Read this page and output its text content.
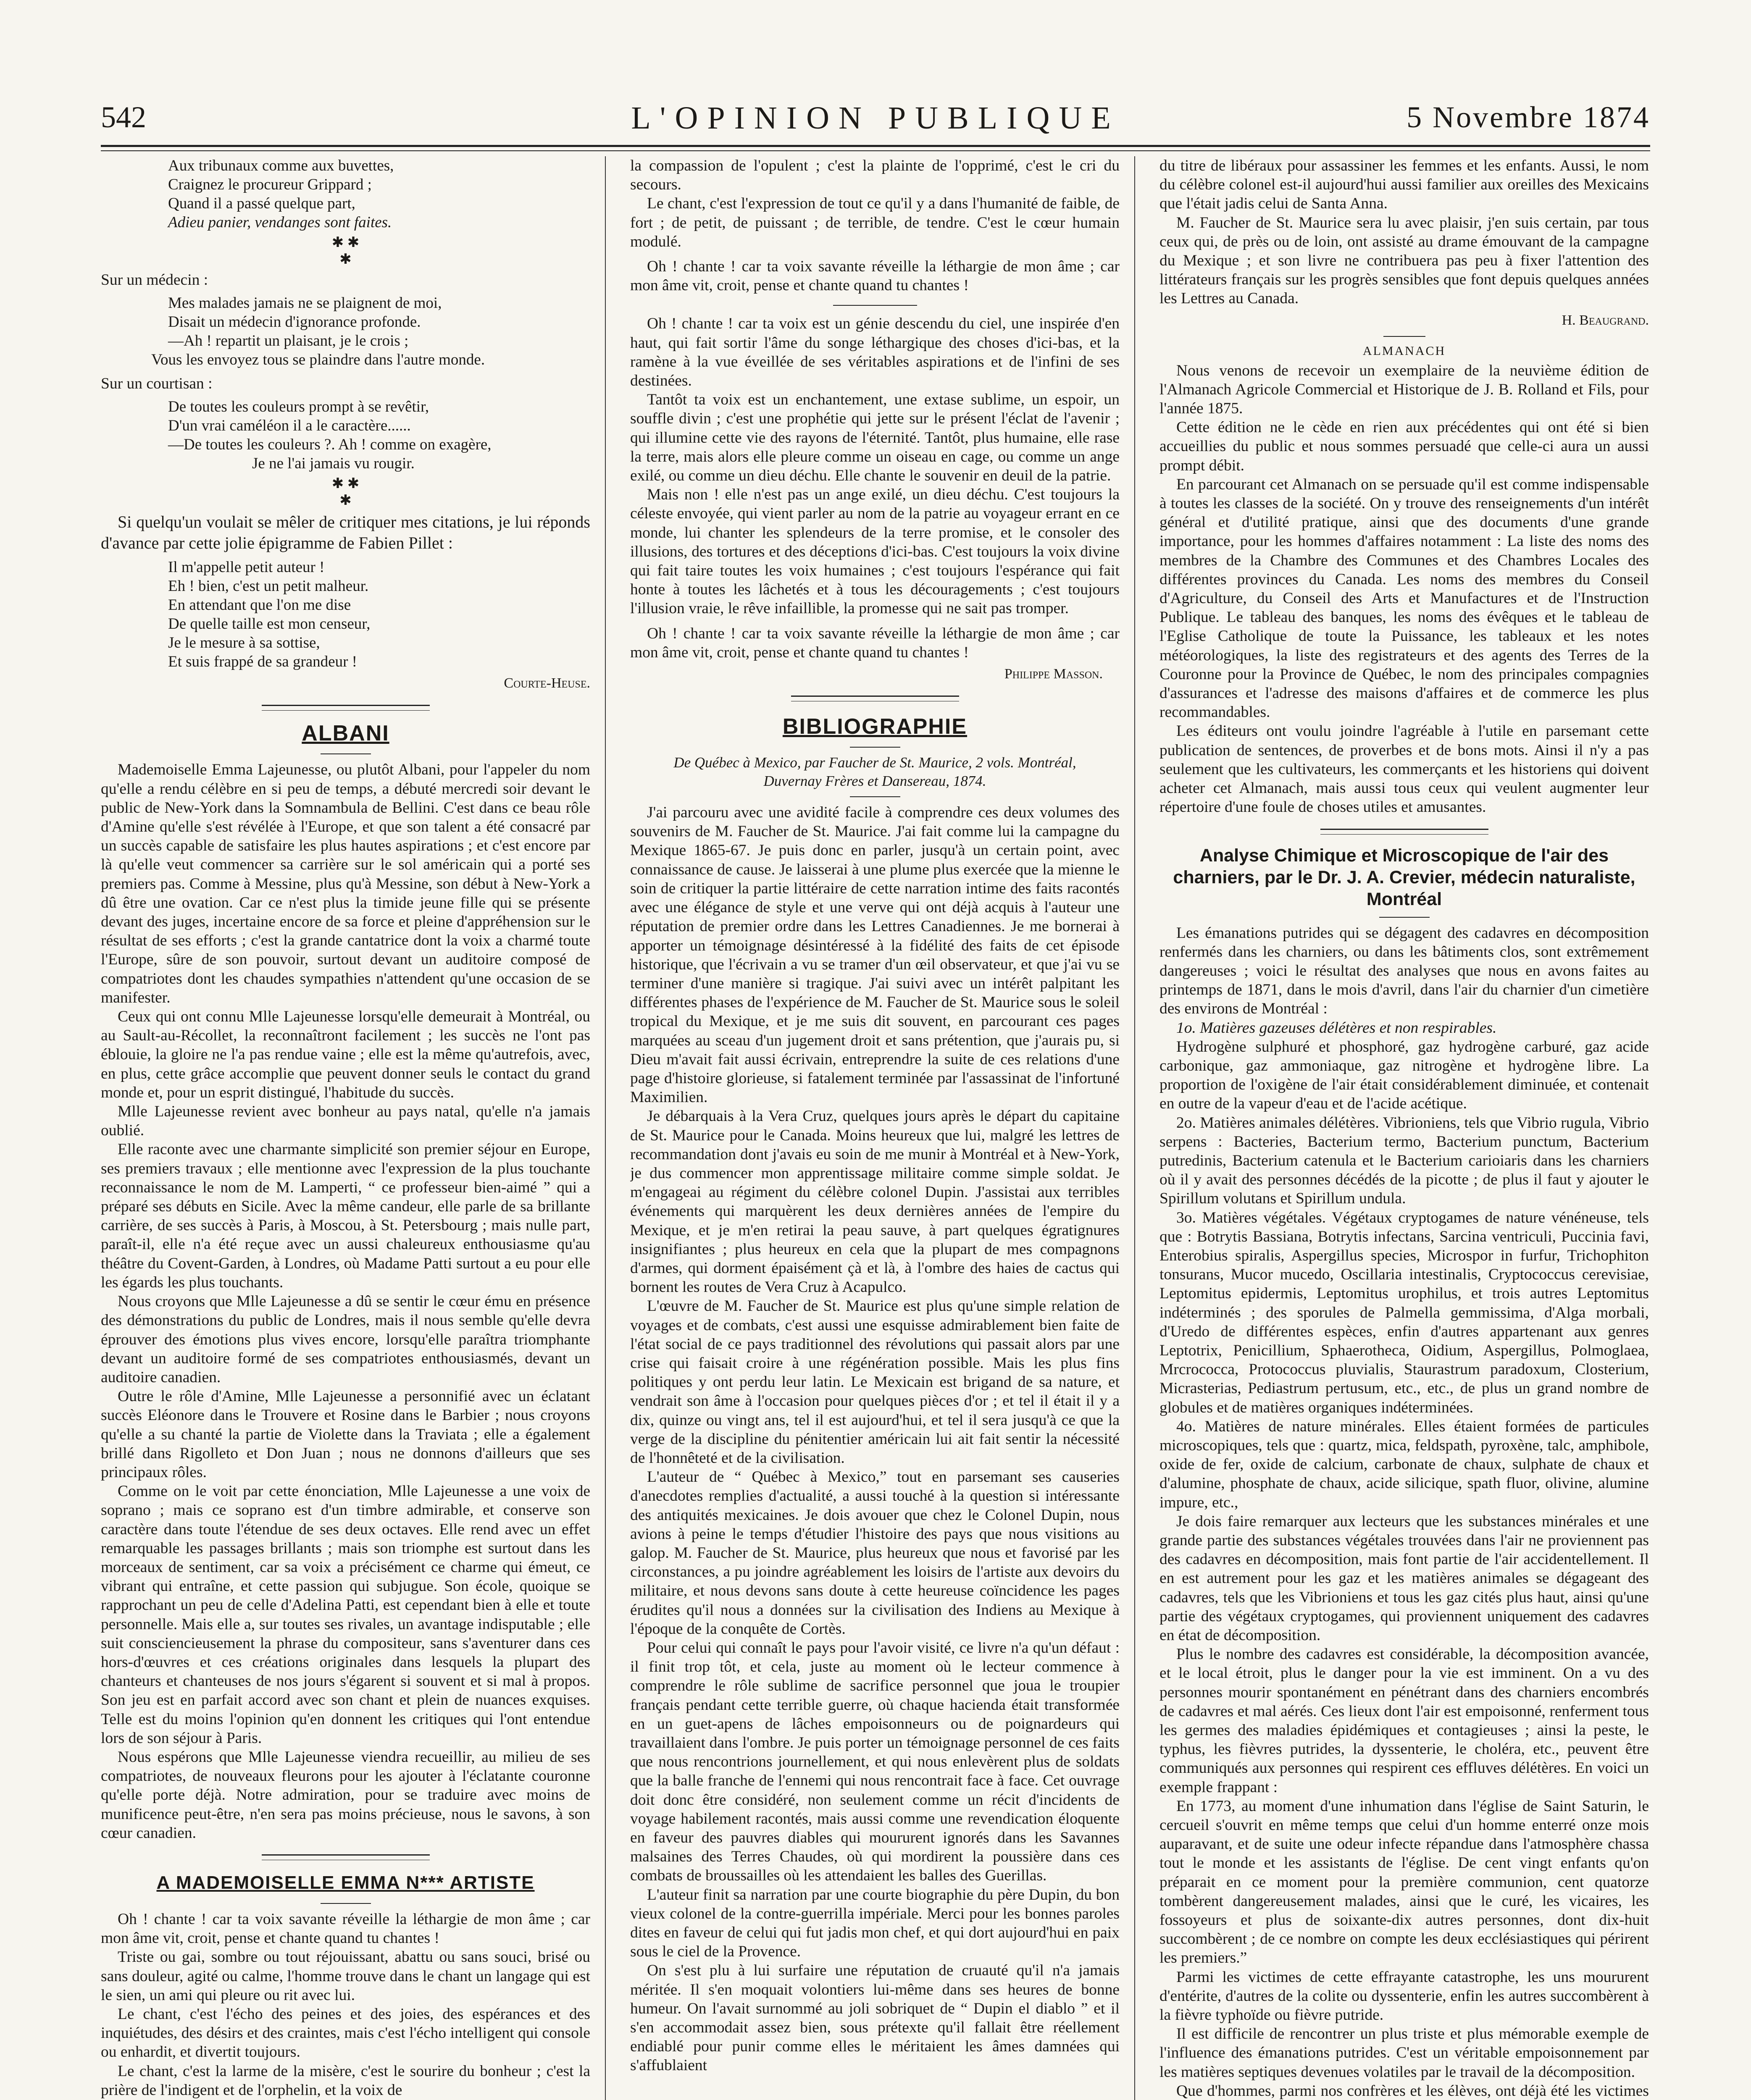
542	L'OPINION PUBLIQUE	5 Novembre 1874
Aux tribunaux comme aux buvettes,
Craignez le procureur Grippard ;
Quand il a passé quelque part,
Adieu panier, vendanges sont faites.
✱ ✱
✱
Sur un médecin :
Mes malades jamais ne se plaignent de moi,
Disait un médecin d'ignorance profonde.
—Ah ! repartit un plaisant, je le crois ;
Vous les envoyez tous se plaindre dans l'autre monde.
Sur un courtisan :
De toutes les couleurs prompt à se revêtir,
D'un vrai caméléon il a le caractère......
—De toutes les couleurs ?. Ah ! comme on exagère,
Je ne l'ai jamais vu rougir.
✱ ✱
✱

Si quelqu'un voulait se mêler de critiquer mes citations, je lui réponds d'avance par cette jolie épigramme de Fabien Pillet :

Il m'appelle petit auteur !
Eh ! bien, c'est un petit malheur.
En attendant que l'on me dise
De quelle taille est mon censeur,
Je le mesure à sa sottise,
Et suis frappé de sa grandeur !
Courte-Heuse.
ALBANI

Mademoiselle Emma Lajeunesse, ou plutôt Albani, pour l'appeler du nom qu'elle a rendu célèbre en si peu de temps, a débuté mercredi soir devant le public de New-York dans la Somnambula de Bellini. C'est dans ce beau rôle d'Amine qu'elle s'est révélée à l'Europe, et que son talent a été consacré par un succès capable de satisfaire les plus hautes aspirations ; et c'est encore par là qu'elle veut commencer sa carrière sur le sol américain qui a porté ses premiers pas. Comme à Messine, plus qu'à Messine, son début à New-York a dû être une ovation. Car ce n'est plus la timide jeune fille qui se présente devant des juges, incertaine encore de sa force et pleine d'appréhension sur le résultat de ses efforts ; c'est la grande cantatrice dont la voix a charmé toute l'Europe, sûre de son pouvoir, surtout devant un auditoire composé de compatriotes dont les chaudes sympathies n'attendent qu'une occasion de se manifester.

Ceux qui ont connu Mlle Lajeunesse lorsqu'elle demeurait à Montréal, ou au Sault-au-Récollet, la reconnaîtront facilement ; les succès ne l'ont pas éblouie, la gloire ne l'a pas rendue vaine ; elle est la même qu'autrefois, avec, en plus, cette grâce accomplie que peuvent donner seuls le contact du grand monde et, pour un esprit distingué, l'habitude du succès.

Mlle Lajeunesse revient avec bonheur au pays natal, qu'elle n'a jamais oublié.

Elle raconte avec une charmante simplicité son premier séjour en Europe, ses premiers travaux ; elle mentionne avec l'expression de la plus touchante reconnaissance le nom de M. Lamperti, “ ce professeur bien-aimé ” qui a préparé ses débuts en Sicile. Avec la même candeur, elle parle de sa brillante carrière, de ses succès à Paris, à Moscou, à St. Petersbourg ; mais nulle part, paraît-il, elle n'a été reçue avec un aussi chaleureux enthousiasme qu'au théâtre du Covent-Garden, à Londres, où Madame Patti surtout a eu pour elle les égards les plus touchants.

Nous croyons que Mlle Lajeunesse a dû se sentir le cœur ému en présence des démonstrations du public de Londres, mais il nous semble qu'elle devra éprouver des émotions plus vives encore, lorsqu'elle paraîtra triomphante devant un auditoire formé de ses compatriotes enthousiasmés, devant un auditoire canadien.

Outre le rôle d'Amine, Mlle Lajeunesse a personnifié avec un éclatant succès Eléonore dans le Trouvere et Rosine dans le Barbier ; nous croyons qu'elle a su chanté la partie de Violette dans la Traviata ; elle a également brillé dans Rigolleto et Don Juan ; nous ne donnons d'ailleurs que ses principaux rôles.

Comme on le voit par cette énonciation, Mlle Lajeunesse a une voix de soprano ; mais ce soprano est d'un timbre admirable, et conserve son caractère dans toute l'étendue de ses deux octaves. Elle rend avec un effet remarquable les passages brillants ; mais son triomphe est surtout dans les morceaux de sentiment, car sa voix a précisément ce charme qui émeut, ce vibrant qui entraîne, et cette passion qui subjugue. Son école, quoique se rapprochant un peu de celle d'Adelina Patti, est cependant bien à elle et toute personnelle. Mais elle a, sur toutes ses rivales, un avantage indisputable ; elle suit consciencieusement la phrase du compositeur, sans s'aventurer dans ces hors-d'œuvres et ces créations originales dans lesquels la plupart des chanteurs et chanteuses de nos jours s'égarent si souvent et si mal à propos. Son jeu est en parfait accord avec son chant et plein de nuances exquises. Telle est du moins l'opinion qu'en donnent les critiques qui l'ont entendue lors de son séjour à Paris.

Nous espérons que Mlle Lajeunesse viendra recueillir, au milieu de ses compatriotes, de nouveaux fleurons pour les ajouter à l'éclatante couronne qu'elle porte déjà. Notre admiration, pour se traduire avec moins de munificence peut-être, n'en sera pas moins précieuse, nous le savons, à son cœur canadien.

A MADEMOISELLE EMMA N*** ARTISTE

Oh ! chante ! car ta voix savante réveille la léthargie de mon âme ; car mon âme vit, croit, pense et chante quand tu chantes !

Triste ou gai, sombre ou tout réjouissant, abattu ou sans souci, brisé ou sans douleur, agité ou calme, l'homme trouve dans le chant un langage qui est le sien, un ami qui pleure ou rit avec lui.

Le chant, c'est l'écho des peines et des joies, des espérances et des inquiétudes, des désirs et des craintes, mais c'est l'écho intelligent qui console ou enhardit, et divertit toujours.

Le chant, c'est la larme de la misère, c'est le sourire du bonheur ; c'est la prière de l'indigent et de l'orphelin, et la voix de

la compassion de l'opulent ; c'est la plainte de l'opprimé, c'est le cri du secours.

Le chant, c'est l'expression de tout ce qu'il y a dans l'humanité de faible, de fort ; de petit, de puissant ; de terrible, de tendre. C'est le cœur humain modulé.

Oh ! chante ! car ta voix savante réveille la léthargie de mon âme ; car mon âme vit, croit, pense et chante quand tu chantes !

Oh ! chante ! car ta voix est un génie descendu du ciel, une inspirée d'en haut, qui fait sortir l'âme du songe léthargique des choses d'ici-bas, et la ramène à la vue éveillée de ses véritables aspirations et de l'infini de ses destinées.

Tantôt ta voix est un enchantement, une extase sublime, un espoir, un souffle divin ; c'est une prophétie qui jette sur le présent l'éclat de l'avenir ; qui illumine cette vie des rayons de l'éternité. Tantôt, plus humaine, elle rase la terre, mais alors elle pleure comme un oiseau en cage, ou comme un ange exilé, ou comme un dieu déchu. Elle chante le souvenir en deuil de la patrie.

Mais non ! elle n'est pas un ange exilé, un dieu déchu. C'est toujours la céleste envoyée, qui vient parler au nom de la patrie au voyageur errant en ce monde, lui chanter les splendeurs de la terre promise, et le consoler des illusions, des tortures et des déceptions d'ici-bas. C'est toujours la voix divine qui fait taire toutes les voix humaines ; c'est toujours l'espérance qui fait honte à toutes les lâchetés et à tous les découragements ; c'est toujours l'illusion vraie, le rêve infaillible, la promesse qui ne sait pas tromper.

Oh ! chante ! car ta voix savante réveille la léthargie de mon âme ; car mon âme vit, croit, pense et chante quand tu chantes !

Philippe Masson.
BIBLIOGRAPHIE
De Québec à Mexico, par Faucher de St. Maurice, 2 vols. Montréal, Duvernay Frères et Dansereau, 1874.

J'ai parcouru avec une avidité facile à comprendre ces deux volumes des souvenirs de M. Faucher de St. Maurice. J'ai fait comme lui la campagne du Mexique 1865-67. Je puis donc en parler, jusqu'à un certain point, avec connaissance de cause. Je laisserai à une plume plus exercée que la mienne le soin de critiquer la partie littéraire de cette narration intime des faits racontés avec une élégance de style et une verve qui ont déjà acquis à l'auteur une réputation de premier ordre dans les Lettres Canadiennes. Je me bornerai à apporter un témoignage désintéressé à la fidélité des faits de cet épisode historique, que l'écrivain a vu se tramer d'un œil observateur, et que j'ai vu se terminer d'une manière si tragique. J'ai suivi avec un intérêt palpitant les différentes phases de l'expérience de M. Faucher de St. Maurice sous le soleil tropical du Mexique, et je me suis dit souvent, en parcourant ces pages marquées au sceau d'un jugement droit et sans prétention, que j'aurais pu, si Dieu m'avait fait aussi écrivain, entreprendre la suite de ces relations d'une page d'histoire glorieuse, si fatalement terminée par l'assassinat de l'infortuné Maximilien.

Je débarquais à la Vera Cruz, quelques jours après le départ du capitaine de St. Maurice pour le Canada. Moins heureux que lui, malgré les lettres de recommandation dont j'avais eu soin de me munir à Montréal et à New-York, je dus commencer mon apprentissage militaire comme simple soldat. Je m'engageai au régiment du célèbre colonel Dupin. J'assistai aux terribles événements qui marquèrent les deux dernières années de l'empire du Mexique, et je m'en retirai la peau sauve, à part quelques égratignures insignifiantes ; plus heureux en cela que la plupart de mes compagnons d'armes, qui dorment épaisément çà et là, à l'ombre des haies de cactus qui bornent les routes de Vera Cruz à Acapulco.

L'œuvre de M. Faucher de St. Maurice est plus qu'une simple relation de voyages et de combats, c'est aussi une esquisse admirablement bien faite de l'état social de ce pays traditionnel des révolutions qui passait alors par une crise qui faisait croire à une régénération possible. Mais les plus fins politiques y ont perdu leur latin. Le Mexicain est brigand de sa nature, et vendrait son âme à l'occasion pour quelques pièces d'or ; et tel il était il y a dix, quinze ou vingt ans, tel il est aujourd'hui, et tel il sera jusqu'à ce que la verge de la discipline du pénitentier américain lui ait fait sentir la nécessité de l'honnêteté et de la civilisation.

L'auteur de “ Québec à Mexico,” tout en parsemant ses causeries d'anecdotes remplies d'actualité, a aussi touché à la question si intéressante des antiquités mexicaines. Je dois avouer que chez le Colonel Dupin, nous avions à peine le temps d'étudier l'histoire des pays que nous visitions au galop. M. Faucher de St. Maurice, plus heureux que nous et favorisé par les circonstances, a pu joindre agréablement les loisirs de l'artiste aux devoirs du militaire, et nous devons sans doute à cette heureuse coïncidence les pages érudites qu'il nous a données sur la civilisation des Indiens au Mexique à l'époque de la conquête de Cortès.

Pour celui qui connaît le pays pour l'avoir visité, ce livre n'a qu'un défaut : il finit trop tôt, et cela, juste au moment où le lecteur commence à comprendre le rôle sublime de sacrifice personnel que joua le troupier français pendant cette terrible guerre, où chaque hacienda était transformée en un guet-apens de lâches empoisonneurs ou de poignardeurs qui travaillaient dans l'ombre. Je puis porter un témoignage personnel de ces faits que nous rencontrions journellement, et qui nous enlevèrent plus de soldats que la balle franche de l'ennemi qui nous rencontrait face à face. Cet ouvrage doit donc être considéré, non seulement comme un récit d'incidents de voyage habilement racontés, mais aussi comme une revendication éloquente en faveur des pauvres diables qui moururent ignorés dans les Savannes malsaines des Terres Chaudes, où qui mordirent la poussière dans ces combats de broussailles où les attendaient les balles des Guerillas.

L'auteur finit sa narration par une courte biographie du père Dupin, du bon vieux colonel de la contre-guerrilla impériale. Merci pour les bonnes paroles dites en faveur de celui qui fut jadis mon chef, et qui dort aujourd'hui en paix sous le ciel de la Provence.

On s'est plu à lui surfaire une réputation de cruauté qu'il n'a jamais méritée. Il s'en moquait volontiers lui-même dans ses heures de bonne humeur. On l'avait surnommé au joli sobriquet de “ Dupin el diablo ” et il s'en accommodait assez bien, sous prétexte qu'il fallait être réellement endiablé pour punir comme elles le méritaient les âmes damnées qui s'affublaient

du titre de libéraux pour assassiner les femmes et les enfants. Aussi, le nom du célèbre colonel est-il aujourd'hui aussi familier aux oreilles des Mexicains que l'était jadis celui de Santa Anna.

M. Faucher de St. Maurice sera lu avec plaisir, j'en suis certain, par tous ceux qui, de près ou de loin, ont assisté au drame émouvant de la campagne du Mexique ; et son livre ne contribuera pas peu à fixer l'attention des littérateurs français sur les progrès sensibles que font depuis quelques années les Lettres au Canada.

H. Beaugrand.
ALMANACH

Nous venons de recevoir un exemplaire de la neuvième édition de l'Almanach Agricole Commercial et Historique de J. B. Rolland et Fils, pour l'année 1875.

Cette édition ne le cède en rien aux précédentes qui ont été si bien accueillies du public et nous sommes persuadé que celle-ci aura un aussi prompt débit.

En parcourant cet Almanach on se persuade qu'il est comme indispensable à toutes les classes de la société. On y trouve des renseignements d'un intérêt général et d'utilité pratique, ainsi que des documents d'une grande importance, pour les hommes d'affaires notamment : La liste des noms des membres de la Chambre des Communes et des Chambres Locales des différentes provinces du Canada. Les noms des membres du Conseil d'Agriculture, du Conseil des Arts et Manufactures et de l'Instruction Publique. Le tableau des banques, les noms des évêques et le tableau de l'Eglise Catholique de toute la Puissance, les tableaux et les notes météorologiques, la liste des registrateurs et des agents des Terres de la Couronne pour la Province de Québec, le nom des principales compagnies d'assurances et l'adresse des maisons d'affaires et de commerce les plus recommandables.

Les éditeurs ont voulu joindre l'agréable à l'utile en parsemant cette publication de sentences, de proverbes et de bons mots. Ainsi il n'y a pas seulement que les cultivateurs, les commerçants et les historiens qui doivent acheter cet Almanach, mais aussi tous ceux qui veulent augmenter leur répertoire d'une foule de choses utiles et amusantes.

Analyse Chimique et Microscopique de l'air des charniers, par le Dr. J. A. Crevier, médecin naturaliste, Montréal

Les émanations putrides qui se dégagent des cadavres en décomposition renfermés dans les charniers, ou dans les bâtiments clos, sont extrêmement dangereuses ; voici le résultat des analyses que nous en avons faites au printemps de 1871, dans le mois d'avril, dans l'air du charnier d'un cimetière des environs de Montréal :

1o. Matières gazeuses délétères et non respirables.

Hydrogène sulphuré et phosphoré, gaz hydrogène carburé, gaz acide carbonique, gaz ammoniaque, gaz nitrogène et hydrogène libre. La proportion de l'oxigène de l'air était considérablement diminuée, et contenait en outre de la vapeur d'eau et de l'acide acétique.

2o. Matières animales délétères. Vibrioniens, tels que Vibrio rugula, Vibrio serpens : Bacteries, Bacterium termo, Bacterium punctum, Bacterium putredinis, Bacterium catenula et le Bacterium carioiaris dans les charniers où il y avait des personnes décédés de la picotte ; de plus il faut y ajouter le Spirillum volutans et Spirillum undula.

3o. Matières végétales. Végétaux cryptogames de nature vénéneuse, tels que : Botrytis Bassiana, Botrytis infectans, Sarcina ventriculi, Puccinia favi, Enterobius spiralis, Aspergillus species, Microspor in furfur, Trichophiton tonsurans, Mucor mucedo, Oscillaria intestinalis, Cryptococcus cerevisiae, Leptomitus epidermis, Leptomitus urophilus, et trois autres Leptomitus indéterminés ; des sporules de Palmella gemmissima, d'Alga morbali, d'Uredo de différentes espèces, enfin d'autres appartenant aux genres Leptotrix, Penicillium, Sphaerotheca, Oidium, Aspergillus, Polmoglaea, Mrcrococca, Protococcus pluvialis, Staurastrum paradoxum, Closterium, Micrasterias, Pediastrum pertusum, etc., etc., de plus un grand nombre de globules et de matières organiques indéterminées.

4o. Matières de nature minérales. Elles étaient formées de particules microscopiques, tels que : quartz, mica, feldspath, pyroxène, talc, amphibole, oxide de fer, oxide de calcium, carbonate de chaux, sulphate de chaux et d'alumine, phosphate de chaux, acide silicique, spath fluor, olivine, alumine impure, etc.,

Je dois faire remarquer aux lecteurs que les substances minérales et une grande partie des substances végétales trouvées dans l'air ne proviennent pas des cadavres en décomposition, mais font partie de l'air accidentellement. Il en est autrement pour les gaz et les matières animales se dégageant des cadavres, tels que les Vibrioniens et tous les gaz cités plus haut, ainsi qu'une partie des végétaux cryptogames, qui proviennent uniquement des cadavres en état de décomposition.

Plus le nombre des cadavres est considérable, la décomposition avancée, et le local étroit, plus le danger pour la vie est imminent. On a vu des personnes mourir spontanément en pénétrant dans des charniers encombrés de cadavres et mal aérés. Ces lieux dont l'air est empoisonné, renferment tous les germes des maladies épidémiques et contagieuses ; ainsi la peste, le typhus, les fièvres putrides, la dyssenterie, le choléra, etc., peuvent être communiqués aux personnes qui respirent ces effluves délétères. En voici un exemple frappant :

En 1773, au moment d'une inhumation dans l'église de Saint Saturin, le cercueil s'ouvrit en même temps que celui d'un homme enterré onze mois auparavant, et de suite une odeur infecte répandue dans l'atmosphère chassa tout le monde et les assistants de l'église. De cent vingt enfants qu'on préparait en ce moment pour la première communion, cent quatorze tombèrent dangereusement malades, ainsi que le curé, les vicaires, les fossoyeurs et plus de soixante-dix autres personnes, dont dix-huit succombèrent ; de ce nombre on compte les deux ecclésiastiques qui périrent les premiers.”

Parmi les victimes de cette effrayante catastrophe, les uns moururent d'entérite, d'autres de la colite ou dyssenterie, enfin les autres succombèrent à la fièvre typhoïde ou fièvre putride.

Il est difficile de rencontrer un plus triste et plus mémorable exemple de l'influence des émanations putrides. C'est un véritable empoisonnement par les matières septiques devenues volatiles par le travail de la décomposition.

Que d'hommes, parmi nos confrères et les élèves, ont déjà été les victimes
